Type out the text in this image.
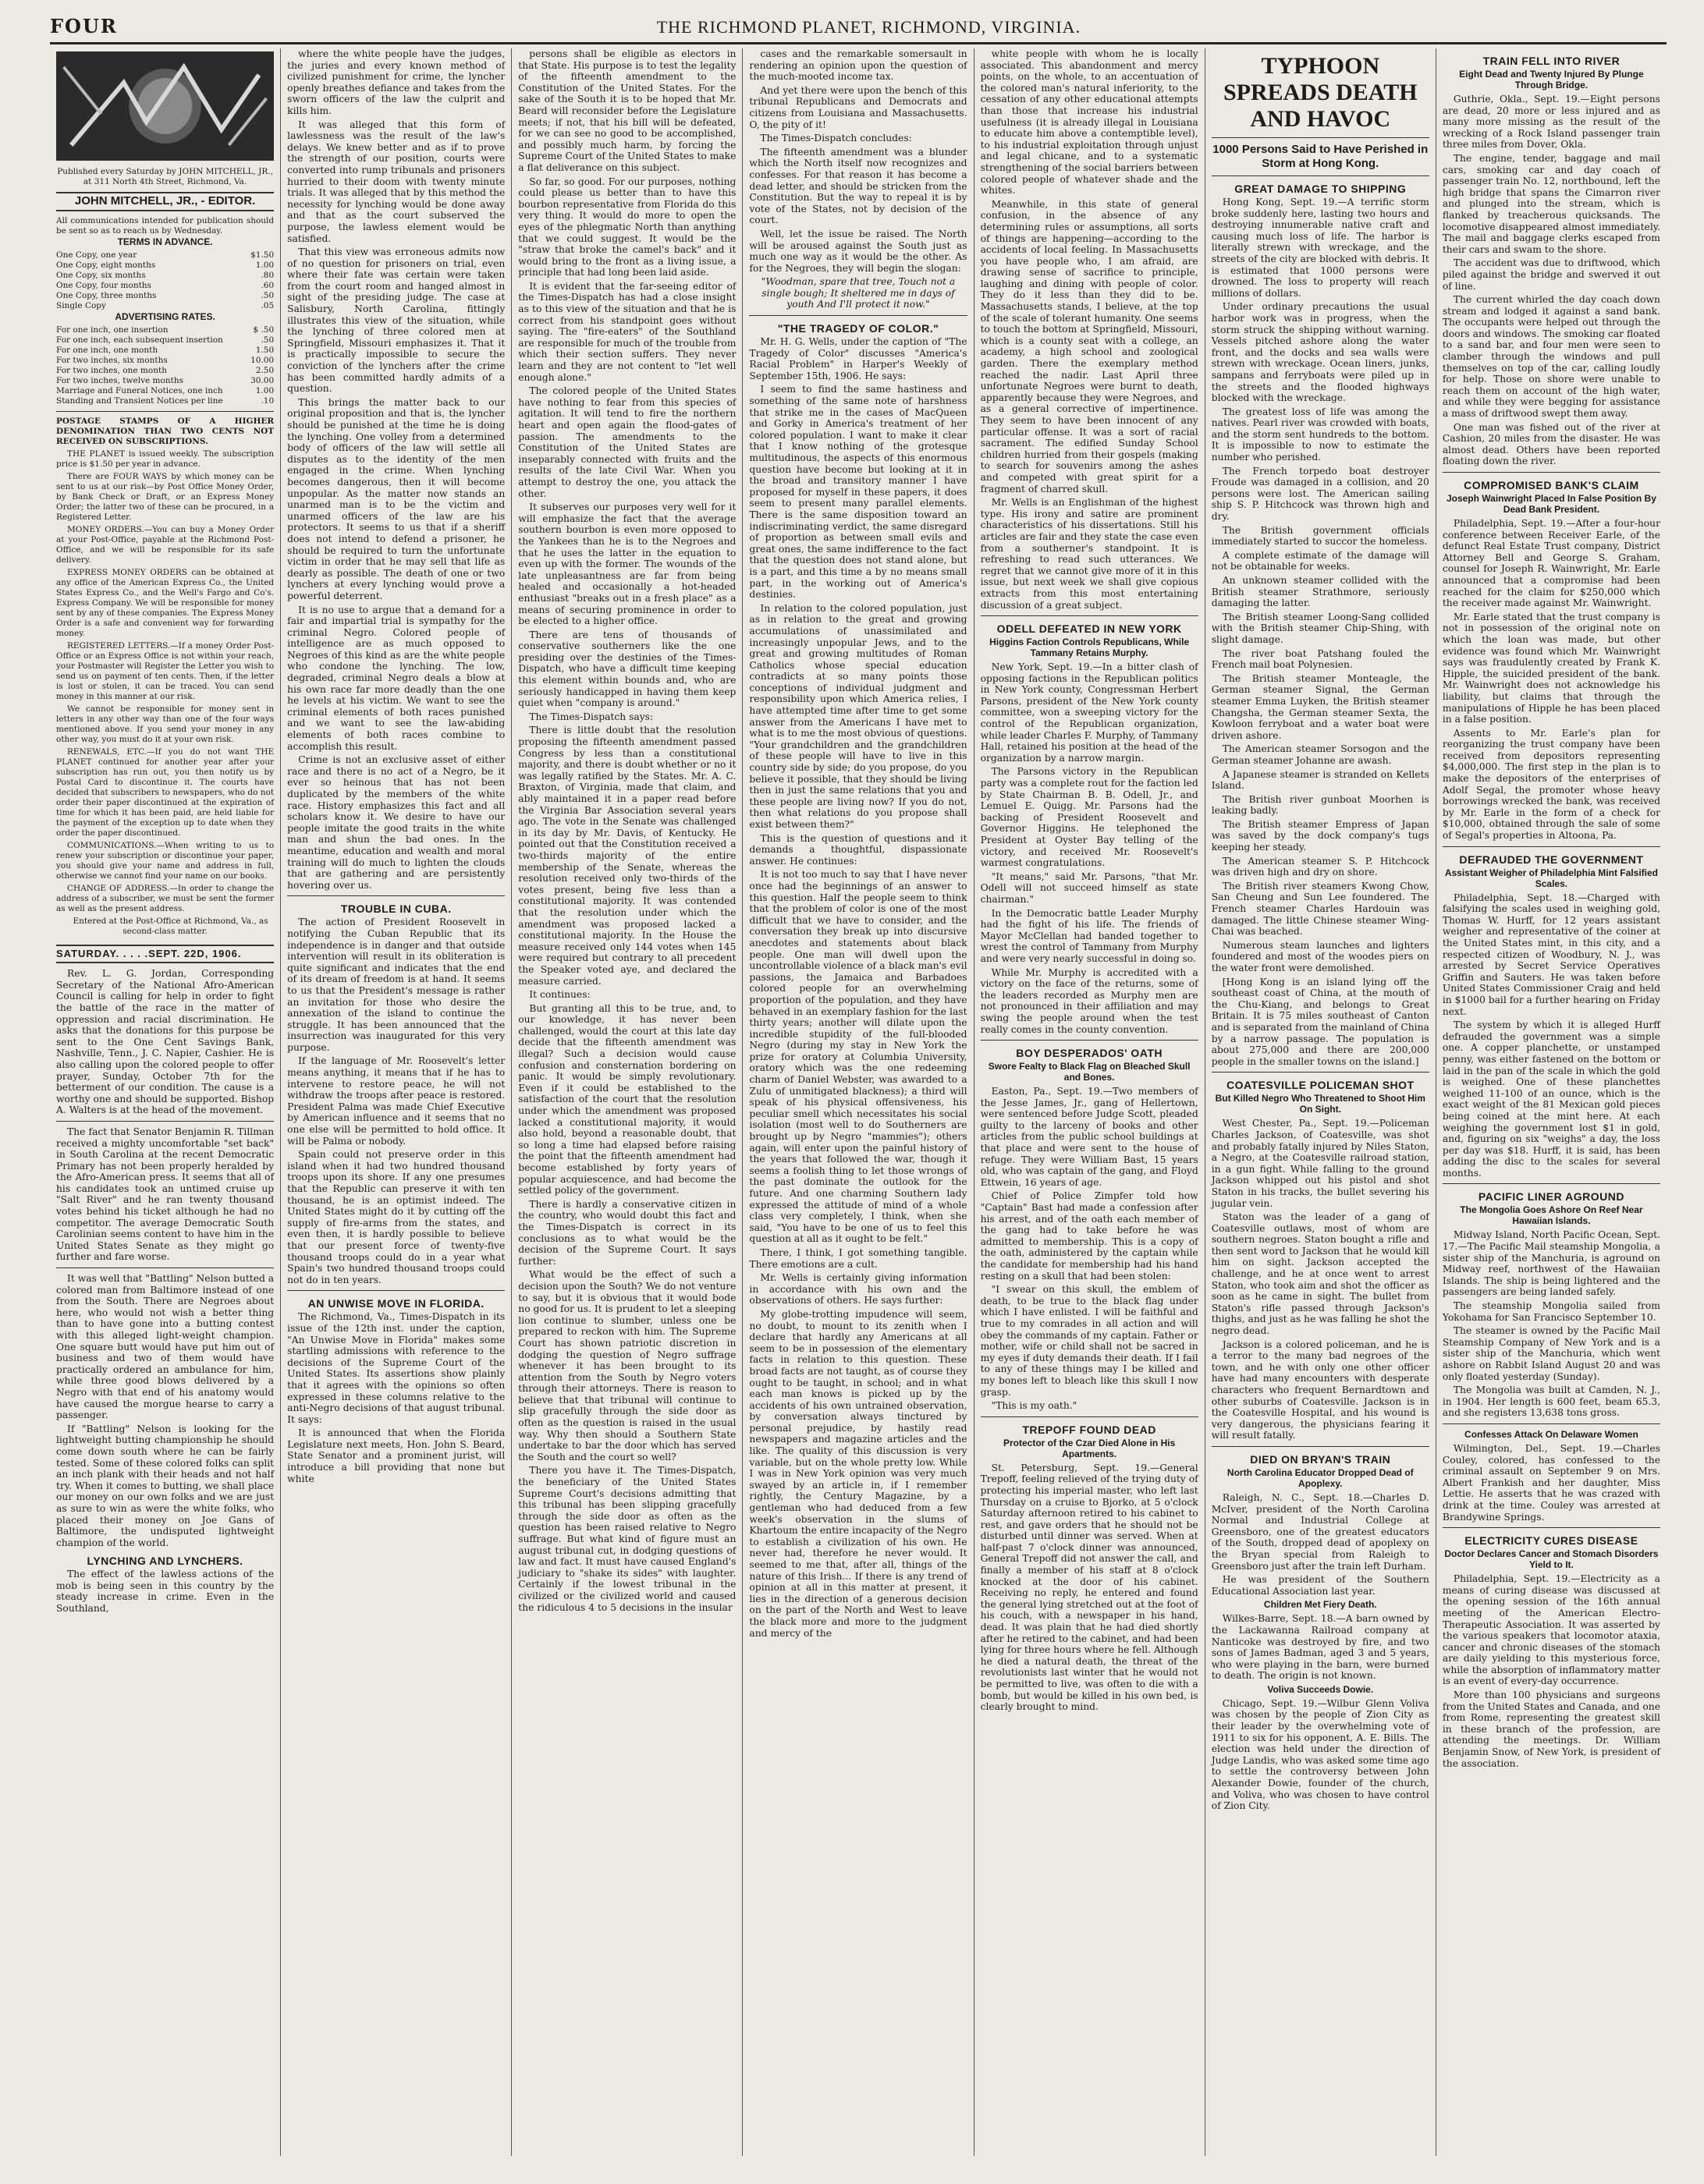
FOUR	THE RICHMOND PLANET, RICHMOND, VIRGINIA.
Published every Saturday by JOHN MITCHELL, JR., at 311 North 4th Street, Richmond, Va.
JOHN MITCHELL, JR., - EDITOR.
All communications intended for publication should be sent so as to reach us by Wednesday.
TERMS IN ADVANCE.
One Copy, one year	$1.50
One Copy, eight months	1.00
One Copy, six months	.80
One Copy, four months	.60
One Copy, three months	.50
Single Copy	.05
ADVERTISING RATES.
For one inch, one insertion	$ .50
For one inch, each subsequent insertion	.50
For one inch, one month	1.50
For two inches, six months	10.00
For two inches, one month	2.50
For two inches, twelve months	30.00
Marriage and Funeral Notices, one inch	1.00
Standing and Transient Notices per line	.10

POSTAGE STAMPS OF A HIGHER DENOMINATION THAN TWO CENTS NOT RECEIVED ON SUBSCRIPTIONS.

THE PLANET is issued weekly. The subscription price is $1.50 per year in advance.

There are FOUR WAYS by which money can be sent to us at our risk—by Post Office Money Order, by Bank Check or Draft, or an Express Money Order; the latter two of these can be procured, in a Registered Letter.

MONEY ORDERS.—You can buy a Money Order at your Post-Office, payable at the Richmond Post-Office, and we will be responsible for its safe delivery.

EXPRESS MONEY ORDERS can be obtained at any office of the American Express Co., the United States Express Co., and the Well's Fargo and Co's. Express Company. We will be responsible for money sent by any of these companies. The Express Money Order is a safe and convenient way for forwarding money.

REGISTERED LETTERS.—If a money Order Post-Office or an Express Office is not within your reach, your Postmaster will Register the Letter you wish to send us on payment of ten cents. Then, if the letter is lost or stolen, it can be traced. You can send money in this manner at our risk.

We cannot be responsible for money sent in letters in any other way than one of the four ways mentioned above. If you send your money in any other way, you must do it at your own risk.

RENEWALS, ETC.—If you do not want THE PLANET continued for another year after your subscription has run out, you then notify us by Postal Card to discontinue it. The courts have decided that subscribers to newspapers, who do not order their paper discontinued at the expiration of time for which it has been paid, are held liable for the payment of the exception up to date when they order the paper discontinued.

COMMUNICATIONS.—When writing to us to renew your subscription or discontinue your paper, you should give your name and address in full, otherwise we cannot find your name on our books.

CHANGE OF ADDRESS.—In order to change the address of a subscriber, we must be sent the former as well as the present address.

Entered at the Post-Office at Richmond, Va., as second-class matter.

SATURDAY. . . . .SEPT. 22D, 1906.

Rev. L. G. Jordan, Corresponding Secretary of the National Afro-American Council is calling for help in order to fight the battle of the race in the matter of oppression and racial discrimination. He asks that the donations for this purpose be sent to the One Cent Savings Bank, Nashville, Tenn., J. C. Napier, Cashier. He is also calling upon the colored people to offer prayer, Sunday, October 7th for the betterment of our condition. The cause is a worthy one and should be supported. Bishop A. Walters is at the head of the movement.

The fact that Senator Benjamin R. Tillman received a mighty uncomfortable "set back" in South Carolina at the recent Democratic Primary has not been properly heralded by the Afro-American press. It seems that all of his candidates took an untimed cruise up "Salt River" and he ran twenty thousand votes behind his ticket although he had no competitor. The average Democratic South Carolinian seems content to have him in the United States Senate as they might go further and fare worse.

It was well that "Battling" Nelson butted a colored man from Baltimore instead of one from the South. There are Negroes about here, who would not wish a better thing than to have gone into a butting contest with this alleged light-weight champion. One square butt would have put him out of business and two of them would have practically ordered an ambulance for him, while three good blows delivered by a Negro with that end of his anatomy would have caused the morgue hearse to carry a passenger.

If "Battling" Nelson is looking for the lightweight butting championship he should come down south where he can be fairly tested. Some of these colored folks can split an inch plank with their heads and not half try. When it comes to butting, we shall place our money on our own folks and we are just as sure to win as were the white folks, who placed their money on Joe Gans of Baltimore, the undisputed lightweight champion of the world.

LYNCHING AND LYNCHERS.

The effect of the lawless actions of the mob is being seen in this country by the steady increase in crime. Even in the Southland,

where the white people have the judges, the juries and every known method of civilized punishment for crime, the lyncher openly breathes defiance and takes from the sworn officers of the law the culprit and kills him.

It was alleged that this form of lawlessness was the result of the law's delays. We knew better and as if to prove the strength of our position, courts were converted into rump tribunals and prisoners hurried to their doom with twenty minute trials. It was alleged that by this method the necessity for lynching would be done away and that as the court subserved the purpose, the lawless element would be satisfied.

That this view was erroneous admits now of no question for prisoners on trial, even where their fate was certain were taken from the court room and hanged almost in sight of the presiding judge. The case at Salisbury, North Carolina, fittingly illustrates this view of the situation, while the lynching of three colored men at Springfield, Missouri emphasizes it. That it is practically impossible to secure the conviction of the lynchers after the crime has been committed hardly admits of a question.

This brings the matter back to our original proposition and that is, the lyncher should be punished at the time he is doing the lynching. One volley from a determined body of officers of the law will settle all disputes as to the identity of the men engaged in the crime. When lynching becomes dangerous, then it will become unpopular. As the matter now stands an unarmed man is to be the victim and unarmed officers of the law are his protectors. It seems to us that if a sheriff does not intend to defend a prisoner, he should be required to turn the unfortunate victim in order that he may sell that life as dearly as possible. The death of one or two lynchers at every lynching would prove a powerful deterrent.

It is no use to argue that a demand for a fair and impartial trial is sympathy for the criminal Negro. Colored people of intelligence are as much opposed to Negroes of this kind as are the white people who condone the lynching. The low, degraded, criminal Negro deals a blow at his own race far more deadly than the one he levels at his victim. We want to see the criminal elements of both races punished and we want to see the law-abiding elements of both races combine to accomplish this result.

Crime is not an exclusive asset of either race and there is no act of a Negro, be it ever so heinous that has not been duplicated by the members of the white race. History emphasizes this fact and all scholars know it. We desire to have our people imitate the good traits in the white man and shun the bad ones. In the meantime, education and wealth and moral training will do much to lighten the clouds that are gathering and are persistently hovering over us.

TROUBLE IN CUBA.

The action of President Roosevelt in notifying the Cuban Republic that its independence is in danger and that outside intervention will result in its obliteration is quite significant and indicates that the end of its dream of freedom is at hand. It seems to us that the President's message is rather an invitation for those who desire the annexation of the island to continue the struggle. It has been announced that the insurrection was inaugurated for this very purpose.

If the language of Mr. Roosevelt's letter means anything, it means that if he has to intervene to restore peace, he will not withdraw the troops after peace is restored. President Palma was made Chief Executive by American influence and it seems that no one else will be permitted to hold office. It will be Palma or nobody.

Spain could not preserve order in this island when it had two hundred thousand troops upon its shore. If any one presumes that the Republic can preserve it with ten thousand, he is an optimist indeed. The United States might do it by cutting off the supply of fire-arms from the states, and even then, it is hardly possible to believe that our present force of twenty-five thousand troops could do in a year what Spain's two hundred thousand troops could not do in ten years.

AN UNWISE MOVE IN FLORIDA.

The Richmond, Va., Times-Dispatch in its issue of the 12th inst. under the caption, "An Unwise Move in Florida" makes some startling admissions with reference to the decisions of the Supreme Court of the United States. Its assertions show plainly that it agrees with the opinions so often expressed in these columns relative to the anti-Negro decisions of that august tribunal. It says:

It is announced that when the Florida Legislature next meets, Hon. John S. Beard, State Senator and a prominent jurist, will introduce a bill providing that none but white

persons shall be eligible as electors in that State. His purpose is to test the legality of the fifteenth amendment to the Constitution of the United States. For the sake of the South it is to be hoped that Mr. Beard will reconsider before the Legislature meets; if not, that his bill will be defeated, for we can see no good to be accomplished, and possibly much harm, by forcing the Supreme Court of the United States to make a flat deliverance on this subject.

So far, so good. For our purposes, nothing could please us better than to have this bourbon representative from Florida do this very thing. It would do more to open the eyes of the phlegmatic North than anything that we could suggest. It would be the "straw that broke the camel's back" and it would bring to the front as a living issue, a principle that had long been laid aside.

It is evident that the far-seeing editor of the Times-Dispatch has had a close insight as to this view of the situation and that he is correct from his standpoint goes without saying. The "fire-eaters" of the Southland are responsible for much of the trouble from which their section suffers. They never learn and they are not content to "let well enough alone."

The colored people of the United States have nothing to fear from this species of agitation. It will tend to fire the northern heart and open again the flood-gates of passion. The amendments to the Constitution of the United States are inseparably connected with fruits and the results of the late Civil War. When you attempt to destroy the one, you attack the other.

It subserves our purposes very well for it will emphasize the fact that the average southern bourbon is even more opposed to the Yankees than he is to the Negroes and that he uses the latter in the equation to even up with the former. The wounds of the late unpleasantness are far from being healed and occasionally a hot-headed enthusiast "breaks out in a fresh place" as a means of securing prominence in order to be elected to a higher office.

There are tens of thousands of conservative southerners like the one presiding over the destinies of the Times-Dispatch, who have a difficult time keeping this element within bounds and, who are seriously handicapped in having them keep quiet when "company is around."

The Times-Dispatch says:

There is little doubt that the resolution proposing the fifteenth amendment passed Congress by less than a constitutional majority, and there is doubt whether or no it was legally ratified by the States. Mr. A. C. Braxton, of Virginia, made that claim, and ably maintained it in a paper read before the Virginia Bar Association several years ago. The vote in the Senate was challenged in its day by Mr. Davis, of Kentucky. He pointed out that the Constitution received a two-thirds majority of the entire membership of the Senate, whereas the resolution received only two-thirds of the votes present, being five less than a constitutional majority. It was contended that the resolution under which the amendment was proposed lacked a constitutional majority. In the House the measure received only 144 votes when 145 were required but contrary to all precedent the Speaker voted aye, and declared the measure carried.

It continues:

But granting all this to be true, and, to our knowledge, it has never been challenged, would the court at this late day decide that the fifteenth amendment was illegal? Such a decision would cause confusion and consternation bordering on panic. It would be simply revolutionary. Even if it could be established to the satisfaction of the court that the resolution under which the amendment was proposed lacked a constitutional majority, it would also hold, beyond a reasonable doubt, that so long a time had elapsed before raising the point that the fifteenth amendment had become established by forty years of popular acquiescence, and had become the settled policy of the government.

There is hardly a conservative citizen in the country, who would doubt this fact and the Times-Dispatch is correct in its conclusions as to what would be the decision of the Supreme Court. It says further:

What would be the effect of such a decision upon the South? We do not venture to say, but it is obvious that it would bode no good for us. It is prudent to let a sleeping lion continue to slumber, unless one be prepared to reckon with him. The Supreme Court has shown patriotic discretion in dodging the question of Negro suffrage whenever it has been brought to its attention from the South by Negro voters through their attorneys. There is reason to believe that that tribunal will continue to slip gracefully through the side door as often as the question is raised in the usual way. Why then should a Southern State undertake to bar the door which has served the South and the court so well?

There you have it. The Times-Dispatch, the beneficiary of the United States Supreme Court's decisions admitting that this tribunal has been slipping gracefully through the side door as often as the question has been raised relative to Negro suffrage. But what kind of figure must an august tribunal cut, in dodging questions of law and fact. It must have caused England's judiciary to "shake its sides" with laughter. Certainly if the lowest tribunal in the civilized or the civilized world and caused the ridiculous 4 to 5 decisions in the insular

cases and the remarkable somersault in rendering an opinion upon the question of the much-mooted income tax.

And yet there were upon the bench of this tribunal Republicans and Democrats and citizens from Louisiana and Massachusetts. O, the pity of it!

The Times-Dispatch concludes:

The fifteenth amendment was a blunder which the North itself now recognizes and confesses. For that reason it has become a dead letter, and should be stricken from the Constitution. But the way to repeal it is by vote of the States, not by decision of the court.

Well, let the issue be raised. The North will be aroused against the South just as much one way as it would be the other. As for the Negroes, they will begin the slogan:

"Woodman, spare that tree, Touch not a single bough; It sheltered me in days of youth And I'll protect it now."

"THE TRAGEDY OF COLOR."

Mr. H. G. Wells, under the caption of "The Tragedy of Color" discusses "America's Racial Problem" in Harper's Weekly of September 15th, 1906. He says:

I seem to find the same hastiness and something of the same note of harshness that strike me in the cases of MacQueen and Gorky in America's treatment of her colored population. I want to make it clear that I know nothing of the grotesque multitudinous, the aspects of this enormous question have become but looking at it in the broad and transitory manner I have proposed for myself in these papers, it does seem to present many parallel elements. There is the same disposition toward an indiscriminating verdict, the same disregard of proportion as between small evils and great ones, the same indifference to the fact that the question does not stand alone, but is a part, and this time a by no means small part, in the working out of America's destinies.

In relation to the colored population, just as in relation to the great and growing accumulations of unassimilated and increasingly unpopular Jews, and to the great and growing multitudes of Roman Catholics whose special education contradicts at so many points those conceptions of individual judgment and responsibility upon which America relies, I have attempted time after time to get some answer from the Americans I have met to what is to me the most obvious of questions. "Your grandchildren and the grandchildren of these people will have to live in this country side by side; do you propose, do you believe it possible, that they should be living then in just the same relations that you and these people are living now? If you do not, then what relations do you propose shall exist between them?"

This is the question of questions and it demands a thoughtful, dispassionate answer. He continues:

It is not too much to say that I have never once had the beginnings of an answer to this question. Half the people seem to think that the problem of color is one of the most difficult that we have to consider, and the conversation they break up into discursive anecdotes and statements about black people. One man will dwell upon the uncontrollable violence of a black man's evil passions, the Jamaica and Barbadoes colored people for an overwhelming proportion of the population, and they have behaved in an exemplary fashion for the last thirty years; another will dilate upon the incredible stupidity of the full-blooded Negro (during my stay in New York the prize for oratory at Columbia University, oratory which was the one redeeming charm of Daniel Webster, was awarded to a Zulu of unmitigated blackness); a third will speak of his physical offensiveness, his peculiar smell which necessitates his social isolation (most well to do Southerners are brought up by Negro "mammies"); others again, will enter upon the painful history of the years that followed the war, though it seems a foolish thing to let those wrongs of the past dominate the outlook for the future. And one charming Southern lady expressed the attitude of mind of a whole class very completely, I think, when she said, "You have to be one of us to feel this question at all as it ought to be felt."

There, I think, I got something tangible. There emotions are a cult.

Mr. Wells is certainly giving information in accordance with his own and the observations of others. He says further:

My globe-trotting impudence will seem, no doubt, to mount to its zenith when I declare that hardly any Americans at all seem to be in possession of the elementary facts in relation to this question. These broad facts are not taught, as of course they ought to be taught, in school; and in what each man knows is picked up by the accidents of his own untrained observation, by conversation always tinctured by personal prejudice, by hastily read newspapers and magazine articles and the like. The quality of this discussion is very variable, but on the whole pretty low. While I was in New York opinion was very much swayed by an article in, if I remember rightly, the Century Magazine, by a gentleman who had deduced from a few week's observation in the slums of Khartoum the entire incapacity of the Negro to establish a civilization of his own. He never had, therefore he never would. It seemed to me that, after all, things of the nature of this Irish... If there is any trend of opinion at all in this matter at present, it lies in the direction of a generous decision on the part of the North and West to leave the black more and more to the judgment and mercy of the

white people with whom he is locally associated. This abandonment and mercy points, on the whole, to an accentuation of the colored man's natural inferiority, to the cessation of any other educational attempts than those that increase his industrial usefulness (it is already illegal in Louisiana to educate him above a contemptible level), to his industrial exploitation through unjust and legal chicane, and to a systematic strengthening of the social barriers between colored people of whatever shade and the whites.

Meanwhile, in this state of general confusion, in the absence of any determining rules or assumptions, all sorts of things are happening—according to the accidents of local feeling. In Massachusetts you have people who, I am afraid, are drawing sense of sacrifice to principle, laughing and dining with people of color. They do it less than they did to be. Massachusetts stands, I believe, at the top of the scale of tolerant humanity. One seems to touch the bottom at Springfield, Missouri, which is a county seat with a college, an academy, a high school and zoological garden. There the exemplary method reached the nadir. Last April three unfortunate Negroes were burnt to death, apparently because they were Negroes, and as a general corrective of impertinence. They seem to have been innocent of any particular offense. It was a sort of racial sacrament. The edified Sunday School children hurried from their gospels (making to search for souvenirs among the ashes and competed with great spirit for a fragment of charred skull.

Mr. Wells is an Englishman of the highest type. His irony and satire are prominent characteristics of his dissertations. Still his articles are fair and they state the case even from a southerner's standpoint. It is refreshing to read such utterances. We regret that we cannot give more of it in this issue, but next week we shall give copious extracts from this most entertaining discussion of a great subject.

ODELL DEFEATED IN NEW YORK
Higgins Faction Controls Republicans, While Tammany Retains Murphy.

New York, Sept. 19.—In a bitter clash of opposing factions in the Republican politics in New York county, Congressman Herbert Parsons, president of the New York county committee, won a sweeping victory for the control of the Republican organization, while leader Charles F. Murphy, of Tammany Hall, retained his position at the head of the organization by a narrow margin.

The Parsons victory in the Republican party was a complete rout for the faction led by State Chairman B. B. Odell, Jr., and Lemuel E. Quigg. Mr. Parsons had the backing of President Roosevelt and Governor Higgins. He telephoned the President at Oyster Bay telling of the victory, and received Mr. Roosevelt's warmest congratulations.

"It means," said Mr. Parsons, "that Mr. Odell will not succeed himself as state chairman."

In the Democratic battle Leader Murphy had the fight of his life. The friends of Mayor McClellan had banded together to wrest the control of Tammany from Murphy and were very nearly successful in doing so.

While Mr. Murphy is accredited with a victory on the face of the returns, some of the leaders recorded as Murphy men are not pronounced in their affiliation and may swing the people around when the test really comes in the county convention.

BOY DESPERADOS' OATH
Swore Fealty to Black Flag on Bleached Skull and Bones.

Easton, Pa., Sept. 19.—Two members of the Jesse James, Jr., gang of Hellertown, were sentenced before Judge Scott, pleaded guilty to the larceny of books and other articles from the public school buildings at that place and were sent to the house of refuge. They were William Bast, 15 years old, who was captain of the gang, and Floyd Ettwein, 16 years of age.

Chief of Police Zimpfer told how "Captain" Bast had made a confession after his arrest, and of the oath each member of the gang had to take before he was admitted to membership. This is a copy of the oath, administered by the captain while the candidate for membership had his hand resting on a skull that had been stolen:

"I swear on this skull, the emblem of death, to be true to the black flag under which I have enlisted. I will be faithful and true to my comrades in all action and will obey the commands of my captain. Father or mother, wife or child shall not be sacred in my eyes if duty demands their death. If I fail to any of these things may I be killed and my bones left to bleach like this skull I now grasp.

"This is my oath."

TREPOFF FOUND DEAD
Protector of the Czar Died Alone in His Apartments.

St. Petersburg, Sept. 19.—General Trepoff, feeling relieved of the trying duty of protecting his imperial master, who left last Thursday on a cruise to Bjorko, at 5 o'clock Saturday afternoon retired to his cabinet to rest, and gave orders that he should not be disturbed until dinner was served. When at half-past 7 o'clock dinner was announced, General Trepoff did not answer the call, and finally a member of his staff at 8 o'clock knocked at the door of his cabinet. Receiving no reply, he entered and found the general lying stretched out at the foot of his couch, with a newspaper in his hand, dead. It was plain that he had died shortly after he retired to the cabinet, and had been lying for three hours where he fell. Although he died a natural death, the threat of the revolutionists last winter that he would not be permitted to live, was often to die with a bomb, but would be killed in his own bed, is clearly brought to mind.

TYPHOON SPREADS DEATH AND HAVOC
1000 Persons Said to Have Perished in Storm at Hong Kong.
GREAT DAMAGE TO SHIPPING

Hong Kong, Sept. 19.—A terrific storm broke suddenly here, lasting two hours and destroying innumerable native craft and causing much loss of life. The harbor is literally strewn with wreckage, and the streets of the city are blocked with debris. It is estimated that 1000 persons were drowned. The loss to property will reach millions of dollars.

Under ordinary precautions the usual harbor work was in progress, when the storm struck the shipping without warning. Vessels pitched ashore along the water front, and the docks and sea walls were strewn with wreckage. Ocean liners, junks, sampans and ferryboats were piled up in the streets and the flooded highways blocked with the wreckage.

The greatest loss of life was among the natives. Pearl river was crowded with boats, and the storm sent hundreds to the bottom. It is impossible to now to estimate the number who perished.

The French torpedo boat destroyer Froude was damaged in a collision, and 20 persons were lost. The American sailing ship S. P. Hitchcock was thrown high and dry.

The British government officials immediately started to succor the homeless.

A complete estimate of the damage will not be obtainable for weeks.

An unknown steamer collided with the British steamer Strathmore, seriously damaging the latter.

The British steamer Loong-Sang collided with the British steamer Chip-Shing, with slight damage.

The river boat Patshang fouled the French mail boat Polynesien.

The British steamer Monteagle, the German steamer Signal, the German steamer Emma Luyken, the British steamer Changsha, the German steamer Sexta, the Kowloon ferryboat and a water boat were driven ashore.

The American steamer Sorsogon and the German steamer Johanne are awash.

A Japanese steamer is stranded on Kellets Island.

The British river gunboat Moorhen is leaking badly.

The British steamer Empress of Japan was saved by the dock company's tugs keeping her steady.

The American steamer S. P. Hitchcock was driven high and dry on shore.

The British river steamers Kwong Chow, San Cheung and Sun Lee foundered. The French steamer Charles Hardouin was damaged. The little Chinese steamer Wing-Chai was beached.

Numerous steam launches and lighters foundered and most of the woodes piers on the water front were demolished.

[Hong Kong is an island lying off the southeast coast of China, at the mouth of the Chu-Kiang, and belongs to Great Britain. It is 75 miles southeast of Canton and is separated from the mainland of China by a narrow passage. The population is about 275,000 and there are 200,000 people in the smaller towns on the island.]

COATESVILLE POLICEMAN SHOT
But Killed Negro Who Threatened to Shoot Him On Sight.

West Chester, Pa., Sept. 19.—Policeman Charles Jackson, of Coatesville, was shot and probably fatally injured by Niles Staton, a Negro, at the Coatesville railroad station, in a gun fight. While falling to the ground Jackson whipped out his pistol and shot Staton in his tracks, the bullet severing his jugular vein.

Staton was the leader of a gang of Coatesville outlaws, most of whom are southern negroes. Staton bought a rifle and then sent word to Jackson that he would kill him on sight. Jackson accepted the challenge, and he at once went to arrest Staton, who took aim and shot the officer as soon as he came in sight. The bullet from Staton's rifle passed through Jackson's thighs, and just as he was falling he shot the negro dead.

Jackson is a colored policeman, and he is a terror to the many bad negroes of the town, and he with only one other officer have had many encounters with desperate characters who frequent Bernardtown and other suburbs of Coatesville. Jackson is in the Coatesville Hospital, and his wound is very dangerous, the physicians fearing it will result fatally.

DIED ON BRYAN'S TRAIN
North Carolina Educator Dropped Dead of Apoplexy.

Raleigh, N. C., Sept. 18.—Charles D. McIver, president of the North Carolina Normal and Industrial College at Greensboro, one of the greatest educators of the South, dropped dead of apoplexy on the Bryan special from Raleigh to Greensboro just after the train left Durham.

He was president of the Southern Educational Association last year.

Children Met Fiery Death.

Wilkes-Barre, Sept. 18.—A barn owned by the Lackawanna Railroad company at Nanticoke was destroyed by fire, and two sons of James Badman, aged 3 and 5 years, who were playing in the barn, were burned to death. The origin is not known.

Voliva Succeeds Dowie.

Chicago, Sept. 19.—Wilbur Glenn Voliva was chosen by the people of Zion City as their leader by the overwhelming vote of 1911 to six for his opponent, A. E. Bills. The election was held under the direction of Judge Landis, who was asked some time ago to settle the controversy between John Alexander Dowie, founder of the church, and Voliva, who was chosen to have control of Zion City.

TRAIN FELL INTO RIVER
Eight Dead and Twenty Injured By Plunge Through Bridge.

Guthrie, Okla., Sept. 19.—Eight persons are dead, 20 more or less injured and as many more missing as the result of the wrecking of a Rock Island passenger train three miles from Dover, Okla.

The engine, tender, baggage and mail cars, smoking car and day coach of passenger train No. 12, northbound, left the high bridge that spans the Cimarron river and plunged into the stream, which is flanked by treacherous quicksands. The locomotive disappeared almost immediately. The mail and baggage clerks escaped from their cars and swam to the shore.

The accident was due to driftwood, which piled against the bridge and swerved it out of line.

The current whirled the day coach down stream and lodged it against a sand bank. The occupants were helped out through the doors and windows. The smoking car floated to a sand bar, and four men were seen to clamber through the windows and pull themselves on top of the car, calling loudly for help. Those on shore were unable to reach them on account of the high water, and while they were begging for assistance a mass of driftwood swept them away.

One man was fished out of the river at Cashion, 20 miles from the disaster. He was almost dead. Others have been reported floating down the river.

COMPROMISED BANK'S CLAIM
Joseph Wainwright Placed In False Position By Dead Bank President.

Philadelphia, Sept. 19.—After a four-hour conference between Receiver Earle, of the defunct Real Estate Trust company, District Attorney Bell and George S. Graham, counsel for Joseph R. Wainwright, Mr. Earle announced that a compromise had been reached for the claim for $250,000 which the receiver made against Mr. Wainwright.

Mr. Earle stated that the trust company is not in possession of the original note on which the loan was made, but other evidence was found which Mr. Wainwright says was fraudulently created by Frank K. Hipple, the suicided president of the bank. Mr. Wainwright does not acknowledge his liability, but claims that through the manipulations of Hipple he has been placed in a false position.

Assents to Mr. Earle's plan for reorganizing the trust company have been received from depositors representing $4,000,000. The first step in the plan is to make the depositors of the enterprises of Adolf Segal, the promoter whose heavy borrowings wrecked the bank, was received by Mr. Earle in the form of a check for $10,000, obtained through the sale of some of Segal's properties in Altoona, Pa.

DEFRAUDED THE GOVERNMENT
Assistant Weigher of Philadelphia Mint Falsified Scales.

Philadelphia, Sept. 18.—Charged with falsifying the scales used in weighing gold, Thomas W. Hurff, for 12 years assistant weigher and representative of the coiner at the United States mint, in this city, and a respected citizen of Woodbury, N. J., was arrested by Secret Service Operatives Griffin and Sauters. He was taken before United States Commissioner Craig and held in $1000 bail for a further hearing on Friday next.

The system by which it is alleged Hurff defrauded the government was a simple one. A copper planchette, or unstamped penny, was either fastened on the bottom or laid in the pan of the scale in which the gold is weighed. One of these planchettes weighed 11-100 of an ounce, which is the exact weight of the 81 Mexican gold pieces being coined at the mint here. At each weighing the government lost $1 in gold, and, figuring on six "weighs" a day, the loss per day was $18. Hurff, it is said, has been adding the disc to the scales for several months.

PACIFIC LINER AGROUND
The Mongolia Goes Ashore On Reef Near Hawaiian Islands.

Midway Island, North Pacific Ocean, Sept. 17.—The Pacific Mail steamship Mongolia, a sister ship of the Manchuria, is aground on Midway reef, northwest of the Hawaiian Islands. The ship is being lightered and the passengers are being landed safely.

The steamship Mongolia sailed from Yokohama for San Francisco September 10.

The steamer is owned by the Pacific Mail Steamship Company of New York and is a sister ship of the Manchuria, which went ashore on Rabbit Island August 20 and was only floated yesterday (Sunday).

The Mongolia was built at Camden, N. J., in 1904. Her length is 600 feet, beam 65.3, and she registers 13,638 tons gross.

Confesses Attack On Delaware Women

Wilmington, Del., Sept. 19.—Charles Couley, colored, has confessed to the criminal assault on September 9 on Mrs. Albert Frankish and her daughter, Miss Lettie. He asserts that he was crazed with drink at the time. Couley was arrested at Brandywine Springs.

ELECTRICITY CURES DISEASE
Doctor Declares Cancer and Stomach Disorders Yield to It.

Philadelphia, Sept. 19.—Electricity as a means of curing disease was discussed at the opening session of the 16th annual meeting of the American Electro-Therapeutic Association. It was asserted by the various speakers that locomotor ataxia, cancer and chronic diseases of the stomach are daily yielding to this mysterious force, while the absorption of inflammatory matter is an event of every-day occurrence.

More than 100 physicians and surgeons from the United States and Canada, and one from Rome, representing the greatest skill in these branch of the profession, are attending the meetings. Dr. William Benjamin Snow, of New York, is president of the association.
